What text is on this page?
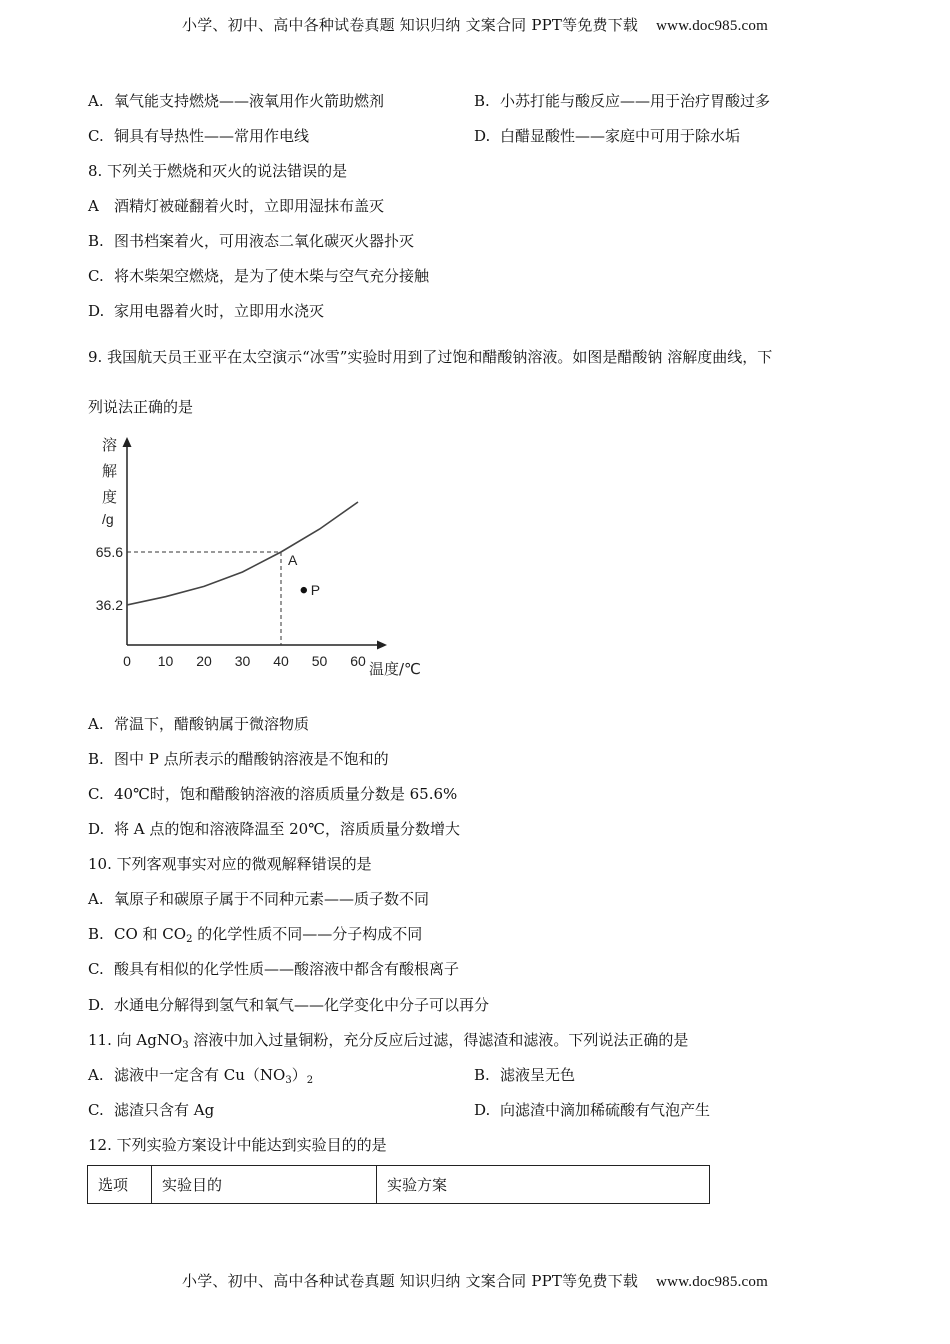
小学、初中、高中各种试卷真题 知识归纳 文案合同 PPT等免费下载 www.doc985.com
A. 氧气能支持燃烧——液氧用作火箭助燃剂	B. 小苏打能与酸反应——用于治疗胃酸过多
C. 铜具有导热性——常用作电线	D. 白醋显酸性——家庭中可用于除水垢
8. 下列关于燃烧和灭火的说法错误的是
A 酒精灯被碰翻着火时，立即用湿抹布盖灭
B. 图书档案着火，可用液态二氧化碳灭火器扑灭
C. 将木柴架空燃烧，是为了使木柴与空气充分接触
D. 家用电器着火时，立即用水浇灭
9. 我国航天员王亚平在太空演示“冰雪”实验时用到了过饱和醋酸钠溶液。如图是醋酸钠 溶解度曲线，下
列说法正确的是
溶
解
度
/g
0 10 20 30 40 50 60
36.2
65.6	A
P
温度/℃
A. 常温下，醋酸钠属于微溶物质
B. 图中 P 点所表示的醋酸钠溶液是不饱和的
C. 40℃时，饱和醋酸钠溶液的溶质质量分数是 65.6%
D. 将 A 点的饱和溶液降温至 20℃，溶质质量分数增大
10. 下列客观事实对应的微观解释错误的是
A. 氧原子和碳原子属于不同种元素——质子数不同
B. CO 和 $CO_2$ 的化学性质不同——分子构成不同
C. 酸具有相似的化学性质——酸溶液中都含有酸根离子
D. 水通电分解得到氢气和氧气——化学变化中分子可以再分
11. 向 AgNO$_3$ 溶液中加入过量铜粉，充分反应后过滤，得滤渣和滤液。下列说法正确的是
A. 滤液中一定含有 $Cu(NO_3)_2$	B. 滤液呈无色
C. 滤渣只含有 Ag	D. 向滤渣中滴加稀硫酸有气泡产生
12. 下列实验方案设计中能达到实验目的的是
选项	实验目的	实验方案
小学、初中、高中各种试卷真题 知识归纳 文案合同 PPT等免费下载 www.doc985.com
